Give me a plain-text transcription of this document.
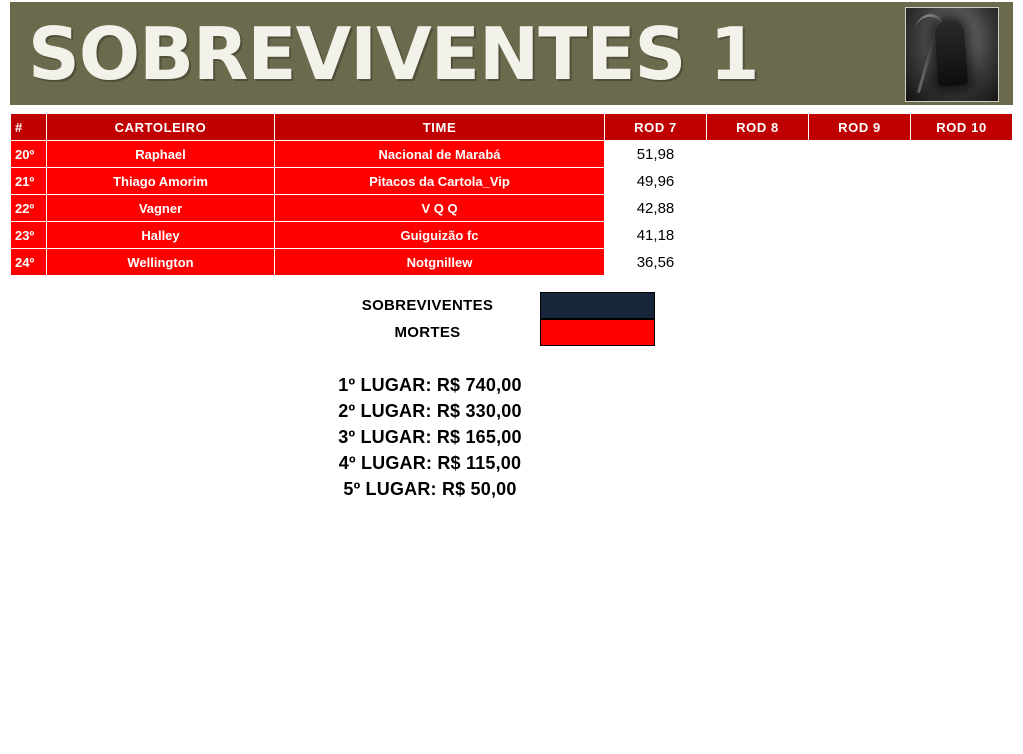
SOBREVIVENTES 1
#	CARTOLEIRO	TIME	ROD 7	ROD 8	ROD 9	ROD 10
20º	Raphael	Nacional de Marabá	51,98			
21º	Thiago Amorim	Pitacos da Cartola_Vip	49,96			
22º	Vagner	V Q Q	42,88			
23º	Halley	Guiguizão fc	41,18			
24º	Wellington	Notgnillew	36,56			
SOBREVIVENTES
MORTES
1º LUGAR: R$ 740,00
2º LUGAR: R$ 330,00
3º LUGAR: R$ 165,00
4º LUGAR: R$ 115,00
5º LUGAR: R$ 50,00
